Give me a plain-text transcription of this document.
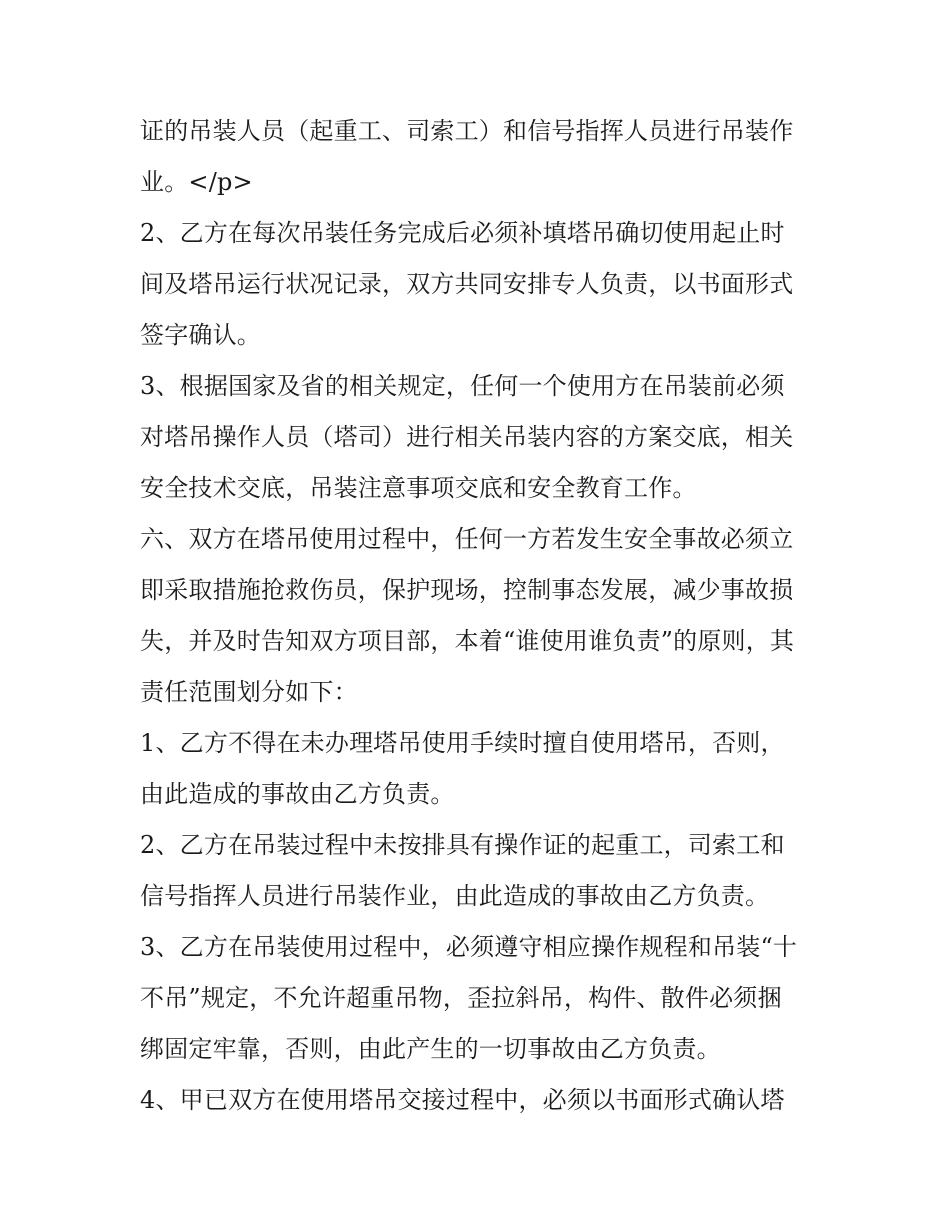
证的吊装人员（起重工、司索工）和信号指挥人员进行吊装作
业。</p>

2、乙方在每次吊装任务完成后必须补填塔吊确切使用起止时
间及塔吊运行状况记录，双方共同安排专人负责，以书面形式
签字确认。

3、根据国家及省的相关规定，任何一个使用方在吊装前必须
对塔吊操作人员（塔司）进行相关吊装内容的方案交底，相关
安全技术交底，吊装注意事项交底和安全教育工作。

六、双方在塔吊使用过程中，任何一方若发生安全事故必须立
即采取措施抢救伤员，保护现场，控制事态发展，减少事故损
失，并及时告知双方项目部，本着“谁使用谁负责”的原则，其
责任范围划分如下：

1、乙方不得在未办理塔吊使用手续时擅自使用塔吊，否则，
由此造成的事故由乙方负责。

2、乙方在吊装过程中未按排具有操作证的起重工，司索工和
信号指挥人员进行吊装作业，由此造成的事故由乙方负责。

3、乙方在吊装使用过程中，必须遵守相应操作规程和吊装“十
不吊”规定，不允许超重吊物，歪拉斜吊，构件、散件必须捆
绑固定牢靠，否则，由此产生的一切事故由乙方负责。

4、甲已双方在使用塔吊交接过程中，必须以书面形式确认塔
